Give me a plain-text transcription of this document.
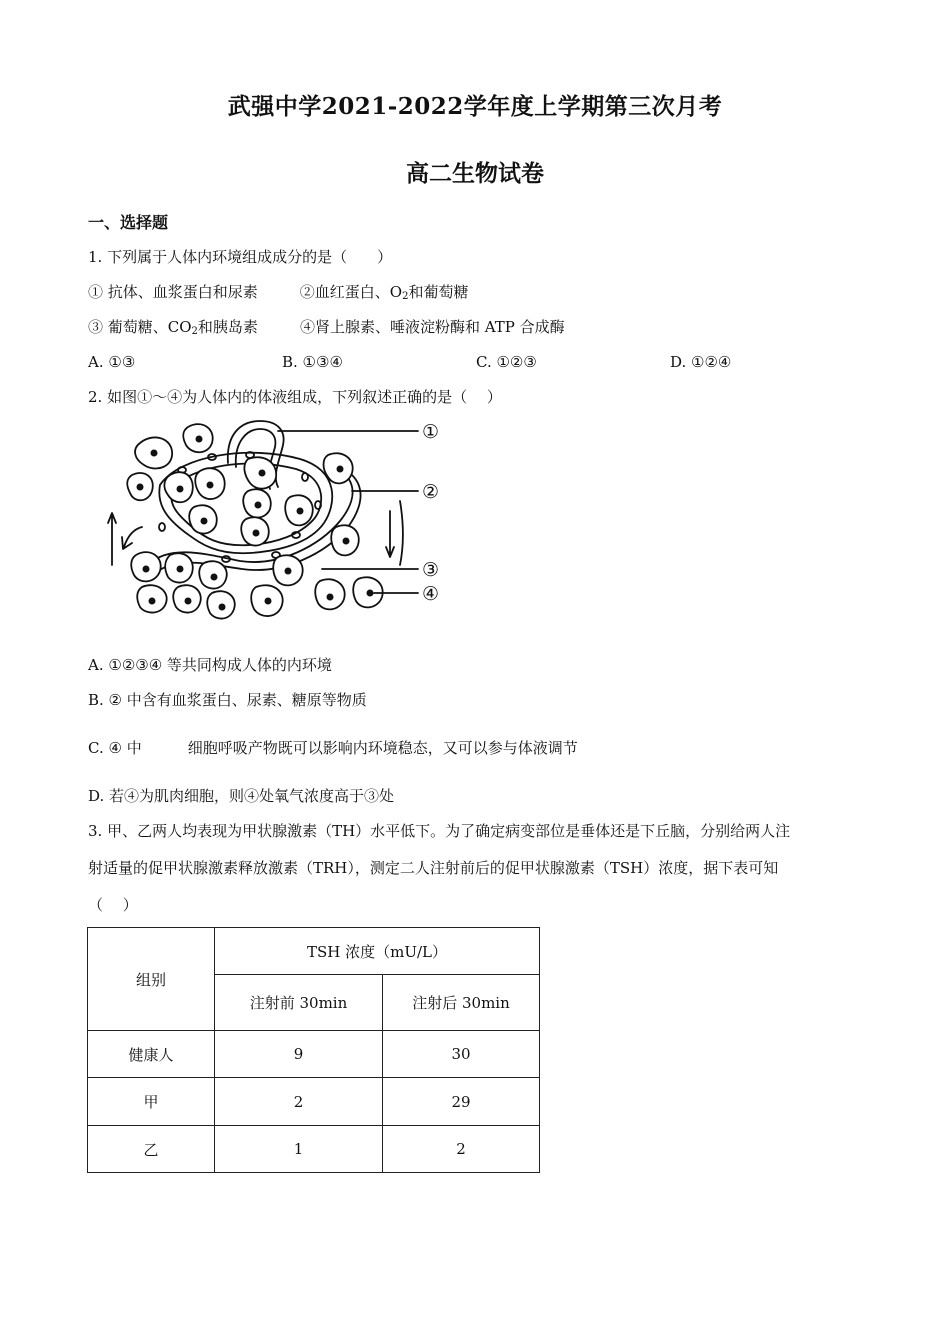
武强中学2021-2022学年度上学期第三次月考
高二生物试卷
一、选择题
1. 下列属于人体内环境组成成分的是（　　）
① 抗体、血浆蛋白和尿素	②血红蛋白、$O_2$和葡萄糖
③ 葡萄糖、$CO_2$和胰岛素	④肾上腺素、唾液淀粉酶和 ATP 合成酶
A. ①③	B. ①③④	C. ①②③	D. ①②④
2. 如图①～④为人体内的体液组成，下列叙述正确的是（　 ）
①
②
③
④
A. ①②③④ 等共同构成人体的内环境
B. ② 中含有血浆蛋白、尿素、糖原等物质
C. ④ 中	细胞呼吸产物既可以影响内环境稳态，又可以参与体液调节
D. 若④为肌肉细胞，则④处氧气浓度高于③处
3. 甲、乙两人均表现为甲状腺激素（TH）水平低下。为了确定病变部位是垂体还是下丘脑，分别给两人注
射适量的促甲状腺激素释放激素（TRH），测定二人注射前后的促甲状腺激素（TSH）浓度，据下表可知
（　 ）
组别	TSH 浓度（mU/L）	
	注射前 30min	注射后 30min
健康人	9	30
甲	2	29
乙	1	2
